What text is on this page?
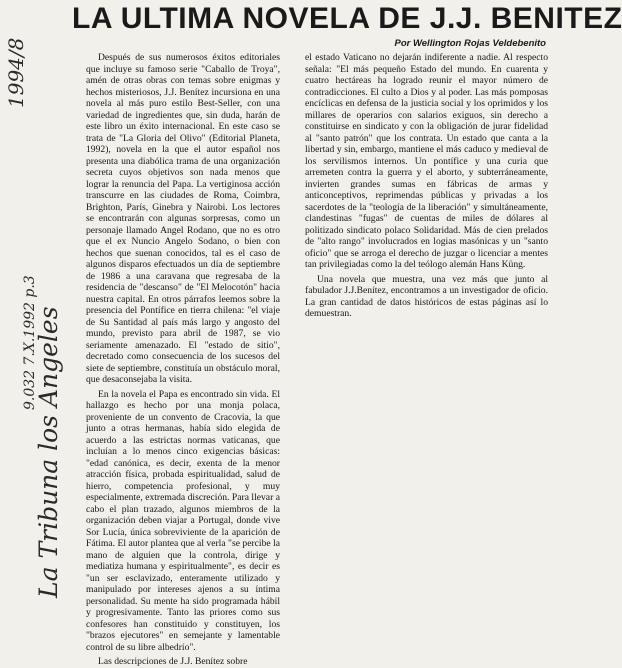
1994/8
9.032 7.X.1992 p.3
La Tribuna los Angeles
LA ULTIMA NOVELA DE J.J. BENITEZ
Por Wellington Rojas Veldebenito

Después de sus numerosos éxitos editoriales que incluye su famoso serie "Caballo de Troya", amén de otras obras con temas sobre enigmas y hechos misteriosos, J.J. Benítez incursiona en una novela al más puro estilo Best-Seller, con una variedad de ingredientes que, sin duda, harán de este libro un éxito internacional. En este caso se trata de "La Gloria del Olivo" (Editorial Planeta, 1992), novela en la que el autor español nos presenta una diabólica trama de una organización secreta cuyos objetivos son nada menos que lograr la renuncia del Papa. La vertiginosa acción transcurre en las ciudades de Roma, Coimbra, Brighton, París, Ginebra y Nairobi. Los lectores se encontrarán con algunas sorpresas, como un personaje llamado Angel Rodano, que no es otro que el ex Nuncio Angelo Sodano, o bien con hechos que suenan conocidos, tal es el caso de algunos disparos efectuados un día de septiembre de 1986 a una caravana que regresaba de la residencia de "descanso" de "El Melocotón" hacia nuestra capital. En otros párrafos leemos sobre la presencia del Pontífice en tierra chilena: "el viaje de Su Santidad al país más largo y angosto del mundo, previsto para abril de 1987, se vio seriamente amenazado. El "estado de sitio", decretado como consecuencia de los sucesos del siete de septiembre, constituía un obstáculo moral, que desaconsejaba la visita.

En la novela el Papa es encontrado sin vida. El hallazgo es hecho por una monja polaca, proveniente de un convento de Cracovia, la que junto a otras hermanas, había sido elegida de acuerdo a las estrictas normas vaticanas, que incluían a lo menos cinco exigencias básicas: "edad canónica, es decir, exenta de la menor atracción física, probada espiritualidad, salud de hierro, competencia profesional, y muy especialmente, extremada discreción. Para llevar a cabo el plan trazado, algunos miembros de la organización deben viajar a Portugal, donde vive Sor Lucía, única sobreviviente de la aparición de Fátima. El autor plantea que al verla "se percibe la mano de alguien que la controla, dirige y mediatiza humana y espiritualmente", es decir es "un ser esclavizado, enteramente utilizado y manipulado por intereses ajenos a su íntima personalidad. Su mente ha sido programada hábil y progresivamente. Tanto las priores como sus confesores han constituido y constituyen, los "brazos ejecutores" en semejante y lamentable control de su libre albedrío".

Las descripciones de J.J. Benítez sobre

el estado Vaticano no dejarán indiferente a nadie. Al respecto señala: "El más pequeño Estado del mundo. En cuarenta y cuatro hectáreas ha logrado reunir el mayor número de contradicciones. El culto a Dios y al poder. Las más pomposas encíclicas en defensa de la justicia social y los oprimidos y los millares de operarios con salarios exiguos, sin derecho a constituirse en sindicato y con la obligación de jurar fidelidad al "santo patrón" que los contrata. Un estado que canta a la libertad y sin, embargo, mantiene el más caduco y medieval de los servilismos internos. Un pontífice y una curia que arremeten contra la guerra y el aborto, y subterráneamente, invierten grandes sumas en fábricas de armas y anticonceptivos, reprimendas públicas y privadas a los sacerdotes de la "teología de la liberación" y simultáneamente, clandestinas "fugas" de cuentas de miles de dólares al politizado sindicato polaco Solidaridad. Más de cien prelados de "alto rango" involucrados en logias masónicas y un "santo oficio" que se arroga el derecho de juzgar o licenciar a mentes tan privilegiadas como la del teólogo alemán Hans Küng.

Una novela que muestra, una vez más que junto al fabulador J.J.Benítez, encontramos a un investigador de oficio. La gran cantidad de datos históricos de estas páginas así lo demuestran.
